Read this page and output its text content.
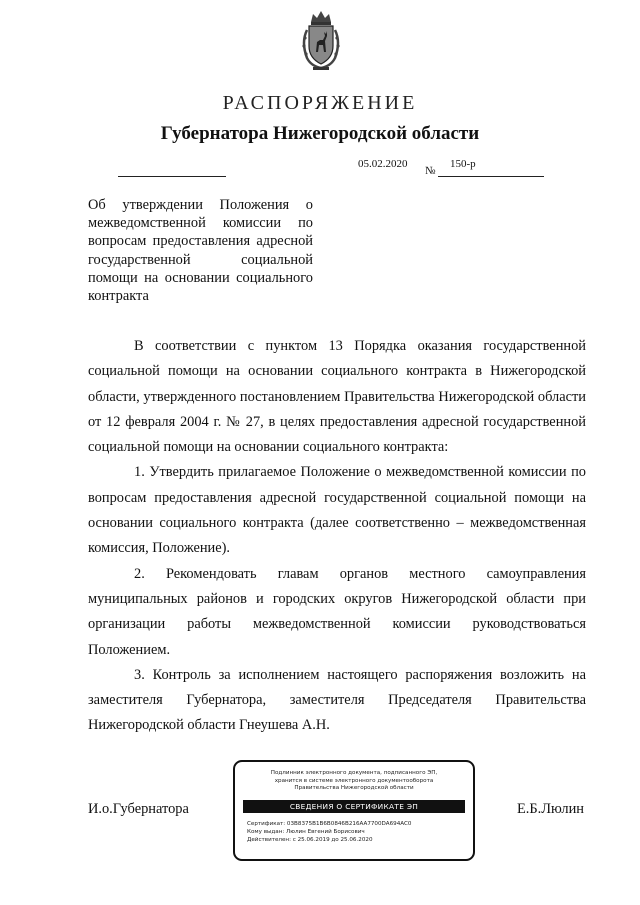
РАСПОРЯЖЕНИЕ
Губернатора Нижегородской области
05.02.2020
№
150-р
Об утверждении Положения о межведомственной комиссии по вопросам предоставления адресной государственной социальной помощи на основании социального контракта

В соответствии с пунктом 13 Порядка оказания государственной социальной помощи на основании социального контракта в Нижегородской области, утвержденного постановлением Правительства Нижегородской области от 12 февраля 2004 г. № 27, в целях предоставления адресной государственной социальной помощи на основании социального контракта:

1. Утвердить прилагаемое Положение о межведомственной комиссии по вопросам предоставления адресной государственной социальной помощи на основании социального контракта (далее соответственно – межведомственная комиссия, Положение).

2. Рекомендовать главам органов местного самоуправления муниципальных районов и городских округов Нижегородской области при организации работы межведомственной комиссии руководствоваться Положением.

3. Контроль за исполнением настоящего распоряжения возложить на заместителя Губернатора, заместителя Председателя Правительства Нижегородской области Гнеушева А.Н.

И.о.Губернатора	Е.Б.Люлин
Подлинник электронного документа, подписанного ЭП,
хранится в системе электронного документооборота
Правительства Нижегородской области
СВЕДЕНИЯ О СЕРТИФИКАТЕ ЭП
Сертификат: 03B8375B1B6B0846B216AA7700DA694AC0
Кому выдан: Люлин Евгений Борисович
Действителен: с 25.06.2019 до 25.06.2020
